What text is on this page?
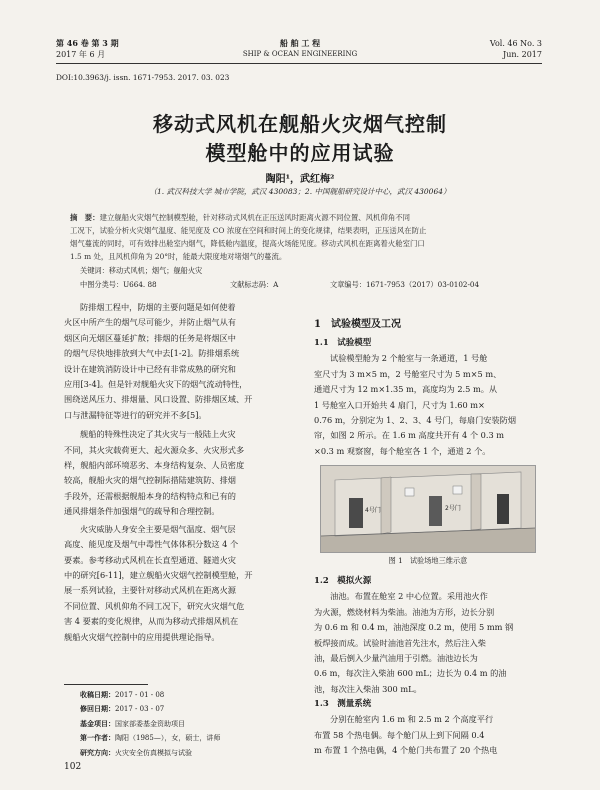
第 46 卷 第 3 期
2017 年 6 月
船 舶 工 程
SHIP & OCEAN ENGINEERING
Vol. 46 No. 3
Jun. 2017
DOI:10.3963/j. issn. 1671-7953. 2017. 03. 023
移动式风机在舰船火灾烟气控制
模型舱中的应用试验
陶阳¹，武红梅²
（1. 武汉科技大学 城市学院，武汉 430083；2. 中国舰船研究设计中心，武汉 430064）
摘　要：建立舰船火灾烟气控制模型舱，针对移动式风机在正压送风时距离火源不同位置、风机仰角不同
工况下，试验分析火灾烟气温度、能见度及 CO 浓度在空间和时间上的变化规律，结果表明，正压送风在防止
烟气蔓流的同时，可有效排出舱室内烟气，降低舱内温度，提高火场能见度。移动式风机在距离着火舱室门口
1.5 m 处，且风机仰角为 20°时，能最大限度地对堵烟气的蔓流。
关键词：移动式风机；烟气；舰船火灾
中图分类号：U664. 88	文献标志码：A	文章编号：1671-7953（2017）03-0102-04
防排烟工程中，防烟的主要问题是如何使着
火区中所产生的烟气尽可能少，并防止烟气从有
烟区向无烟区蔓延扩散；排烟的任务是将烟区中
的烟气尽快地排放到大气中去[1-2]。防排烟系统
设计在建筑消防设计中已经有非常成熟的研究和
应用[3-4]。但是针对舰船火灾下的烟气流动特性，
围绕送风压力、排烟量、风口设置、防排烟区域、开
口与泄漏特征等进行的研究并不多[5]。
舰船的特殊性决定了其火灾与一般陆上火灾
不同，其火灾载荷更大、起火源众多、火灾形式多
样，舰船内部环境恶劣、本身结构复杂、人员密度
较高，舰船火灾的烟气控制际措陆建筑防、排烟
手段外，还需根据舰船本身的结构特点和已有的
通风排烟条件加强烟气的疏导和合理控制。
火灾威胁人身安全主要是烟气温度、烟气层
高度、能见度及烟气中毒性气体体积分数这 4 个
要素。参考移动式风机在长直型通道、隧道火灾
中的研究[6-11]，建立舰船火灾烟气控制模型舱，开
展一系列试验，主要针对移动式风机在距离火源
不同位置、风机仰角不同工况下，研究火灾烟气危
害 4 要素的变化规律，从而为移动式排烟风机在
舰船火灾烟气控制中的应用提供理论指导。
收稿日期：2017 - 01 - 08
修回日期：2017 - 03 - 07
基金项目：国家部委基金资助项目
第一作者：陶阳（1985—），女，硕士，讲师
研究方向：火灾安全仿真模拟与试验
102
1　试验模型及工况
1.1　试验模型
试验模型舱为 2 个舱室与一条通道，1 号舱
室尺寸为 3 m×5 m，2 号舱室尺寸为 5 m×5 m、
通道尺寸为 12 m×1.35 m，高度均为 2.5 m。从
1 号舱室入口开始共 4 扇门，尺寸为 1.60 m×
0.76 m，分别定为 1、2、3、4 号门，每扇门安装防烟
帘，如图 2 所示。在 1.6 m 高度共开有 4 个 0.3 m
×0.3 m 观察窗，每个舱室各 1 个，通道 2 个。
4号门	2号门
图 1　试验场地三维示意
1.2　模拟火源
油池。布置在舱室 2 中心位置。采用池火作
为火源，燃烧材料为柴油。油池为方形，边长分别
为 0.6 m 和 0.4 m，油池深度 0.2 m，使用 5 mm 钢
板焊接而成。试验时油池首先注水，然后注入柴
油，最后倒入少量汽油用于引燃。油池边长为
0.6 m，每次注入柴油 600 mL；边长为 0.4 m 的油
池，每次注入柴油 300 mL。
1.3　测量系统
分别在舱室内 1.6 m 和 2.5 m 2 个高度平行
布置 58 个热电偶。每个舱门从上到下间隔 0.4
m 布置 1 个热电偶，4 个舱门共布置了 20 个热电
